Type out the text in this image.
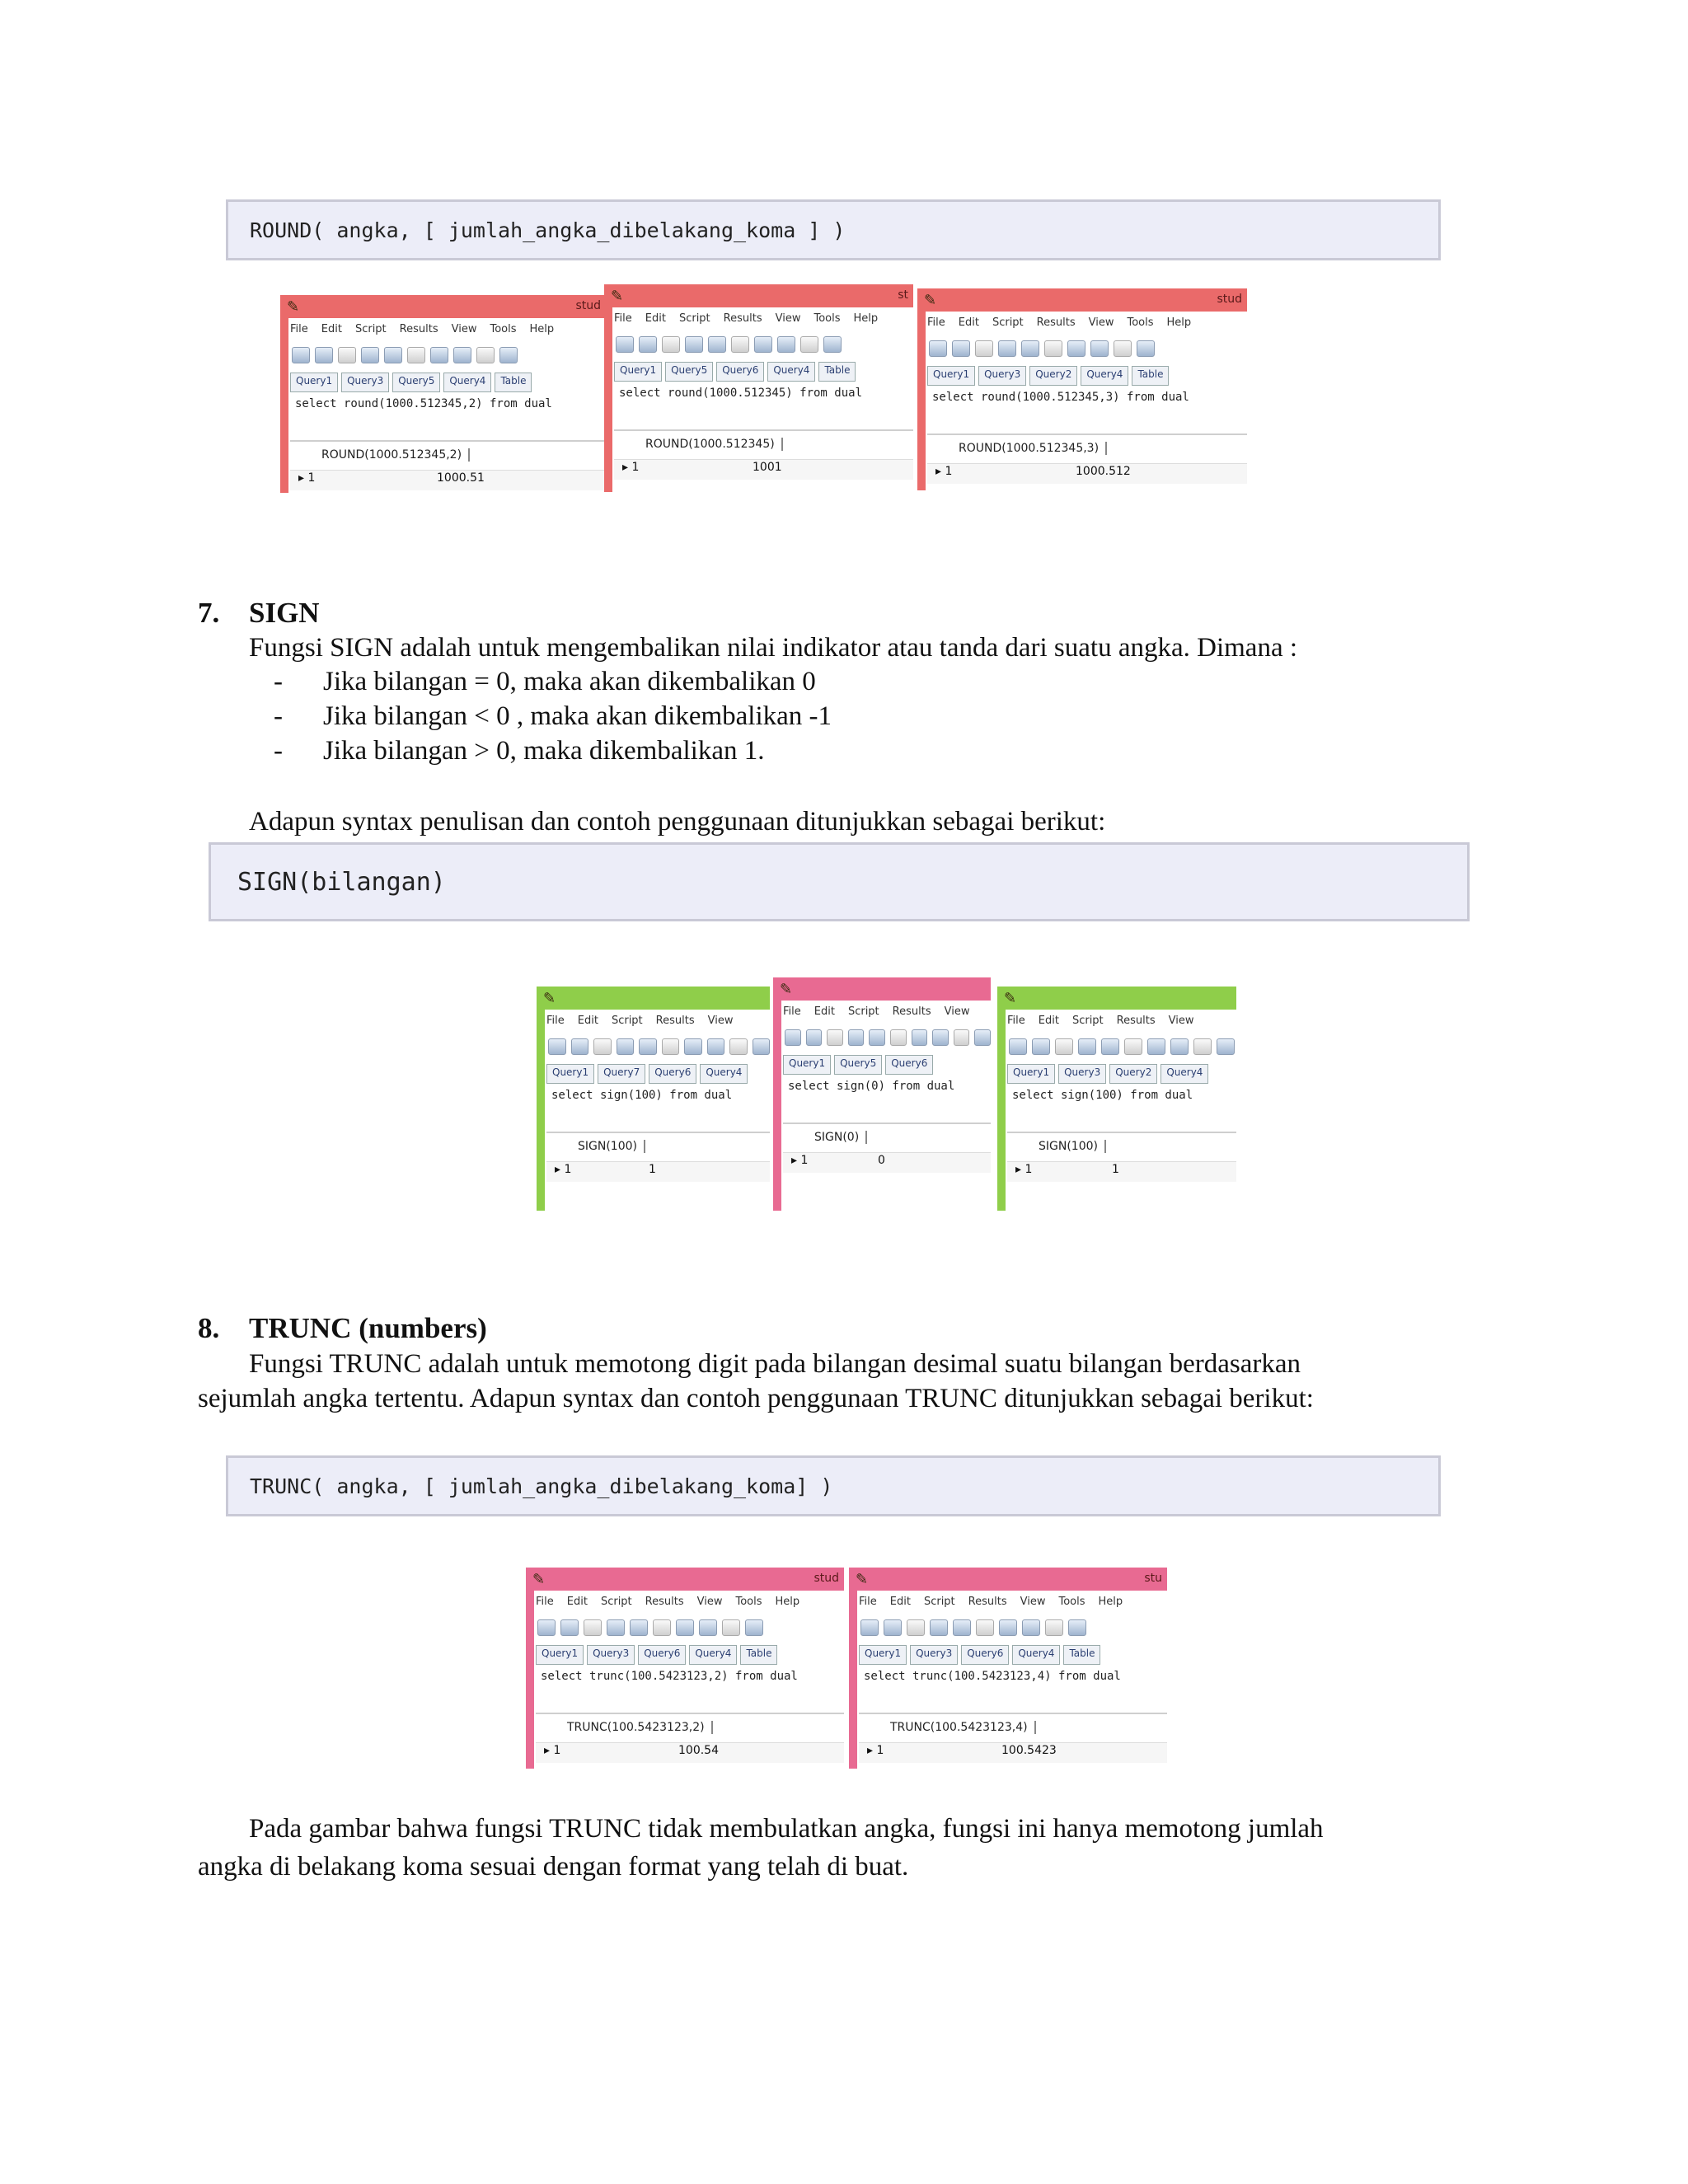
ROUND( angka, [ jumlah_angka_dibelakang_koma ] )
✎	stud
File Edit Script Results View Tools Help
Query1	Query3	Query5	Query4	Table
select round(1000.512345,2) from dual
ROUND(1000.512345,2)
▸ 1	1000.51
✎	st
File Edit Script Results View Tools Help
Query1	Query5	Query6	Query4	Table
select round(1000.512345) from dual
ROUND(1000.512345)
▸ 1	1001
✎	stud
File Edit Script Results View Tools Help
Query1	Query3	Query2	Query4	Table
select round(1000.512345,3) from dual
ROUND(1000.512345,3)
▸ 1	1000.512
7. SIGN
Fungsi SIGN adalah untuk mengembalikan nilai indikator atau tanda dari suatu angka. Dimana :
- Jika bilangan = 0, maka akan dikembalikan 0
- Jika bilangan < 0 , maka akan dikembalikan -1
- Jika bilangan > 0, maka dikembalikan 1.
Adapun syntax penulisan dan contoh penggunaan ditunjukkan sebagai berikut:
SIGN(bilangan)
✎
File Edit Script Results View
Query1	Query7	Query6	Query4
select sign(100) from dual
SIGN(100)
▸ 1	1
✎
File Edit Script Results View
Query1	Query5	Query6
select sign(0) from dual
SIGN(0)
▸ 1	0
✎
File Edit Script Results View
Query1	Query3	Query2	Query4
select sign(100) from dual
SIGN(100)
▸ 1	1
8. TRUNC (numbers)
Fungsi TRUNC adalah untuk memotong digit pada bilangan desimal suatu bilangan berdasarkan
sejumlah angka tertentu. Adapun syntax dan contoh penggunaan TRUNC ditunjukkan sebagai berikut:
TRUNC( angka, [ jumlah_angka_dibelakang_koma] )
✎	stud
File Edit Script Results View Tools Help
Query1	Query3	Query6	Query4	Table
select trunc(100.5423123,2) from dual
TRUNC(100.5423123,2)
▸ 1	100.54
✎	stu
File Edit Script Results View Tools Help
Query1	Query3	Query6	Query4	Table
select trunc(100.5423123,4) from dual
TRUNC(100.5423123,4)
▸ 1	100.5423
Pada gambar bahwa fungsi TRUNC tidak membulatkan angka, fungsi ini hanya memotong jumlah
angka di belakang koma sesuai dengan format yang telah di buat.
